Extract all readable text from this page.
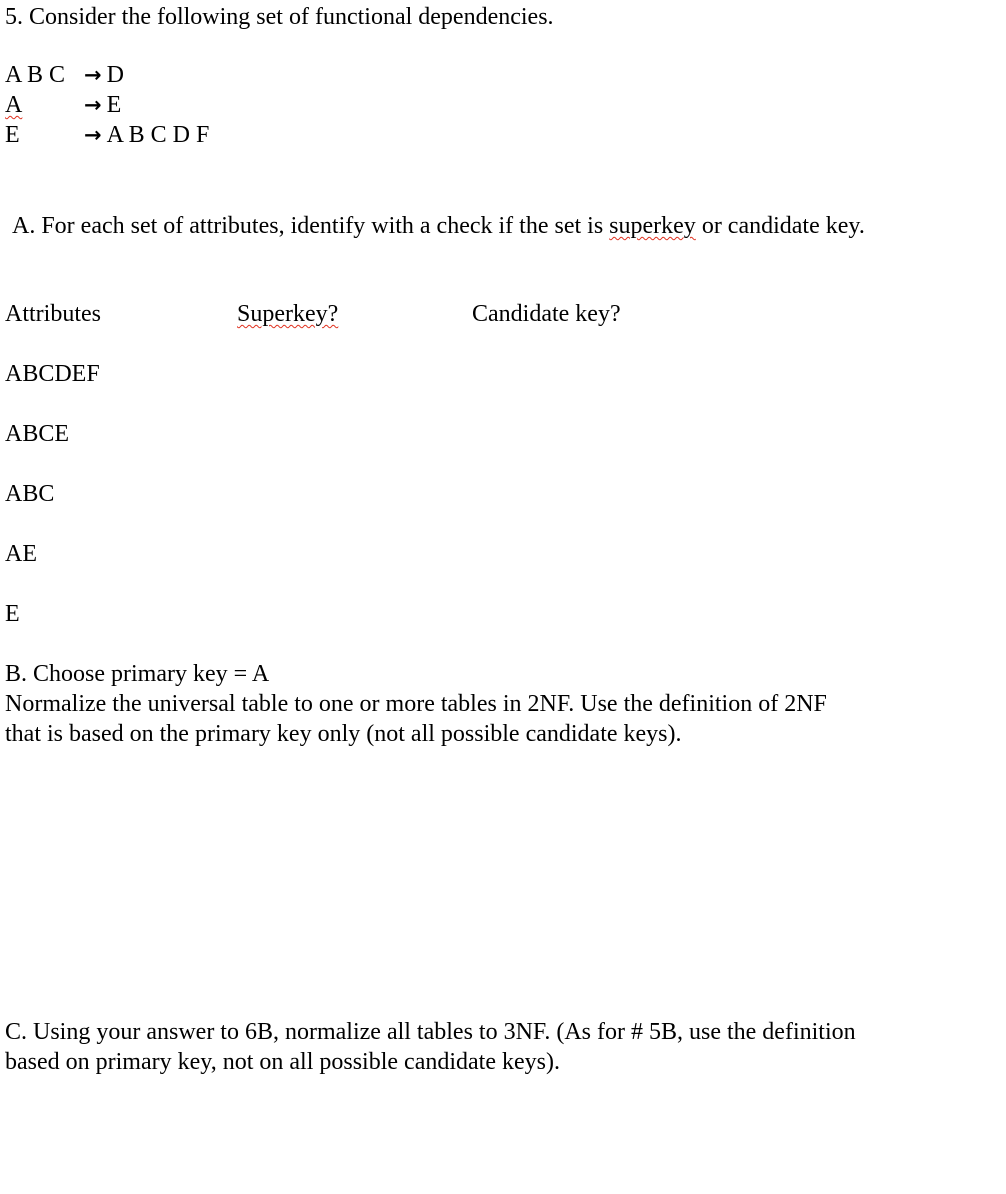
5. Consider the following set of functional dependencies.
A B C → D
A	→ E
E	→ A B C D F
A. For each set of attributes, identify with a check if the set is superkey or candidate key.
Attributes	Superkey?	Candidate key?
ABCDEF
ABCE
ABC
AE
E
B. Choose primary key = A
Normalize the universal table to one or more tables in 2NF. Use the definition of 2NF
that is based on the primary key only (not all possible candidate keys).
C. Using your answer to 6B, normalize all tables to 3NF. (As for # 5B, use the definition
based on primary key, not on all possible candidate keys).
